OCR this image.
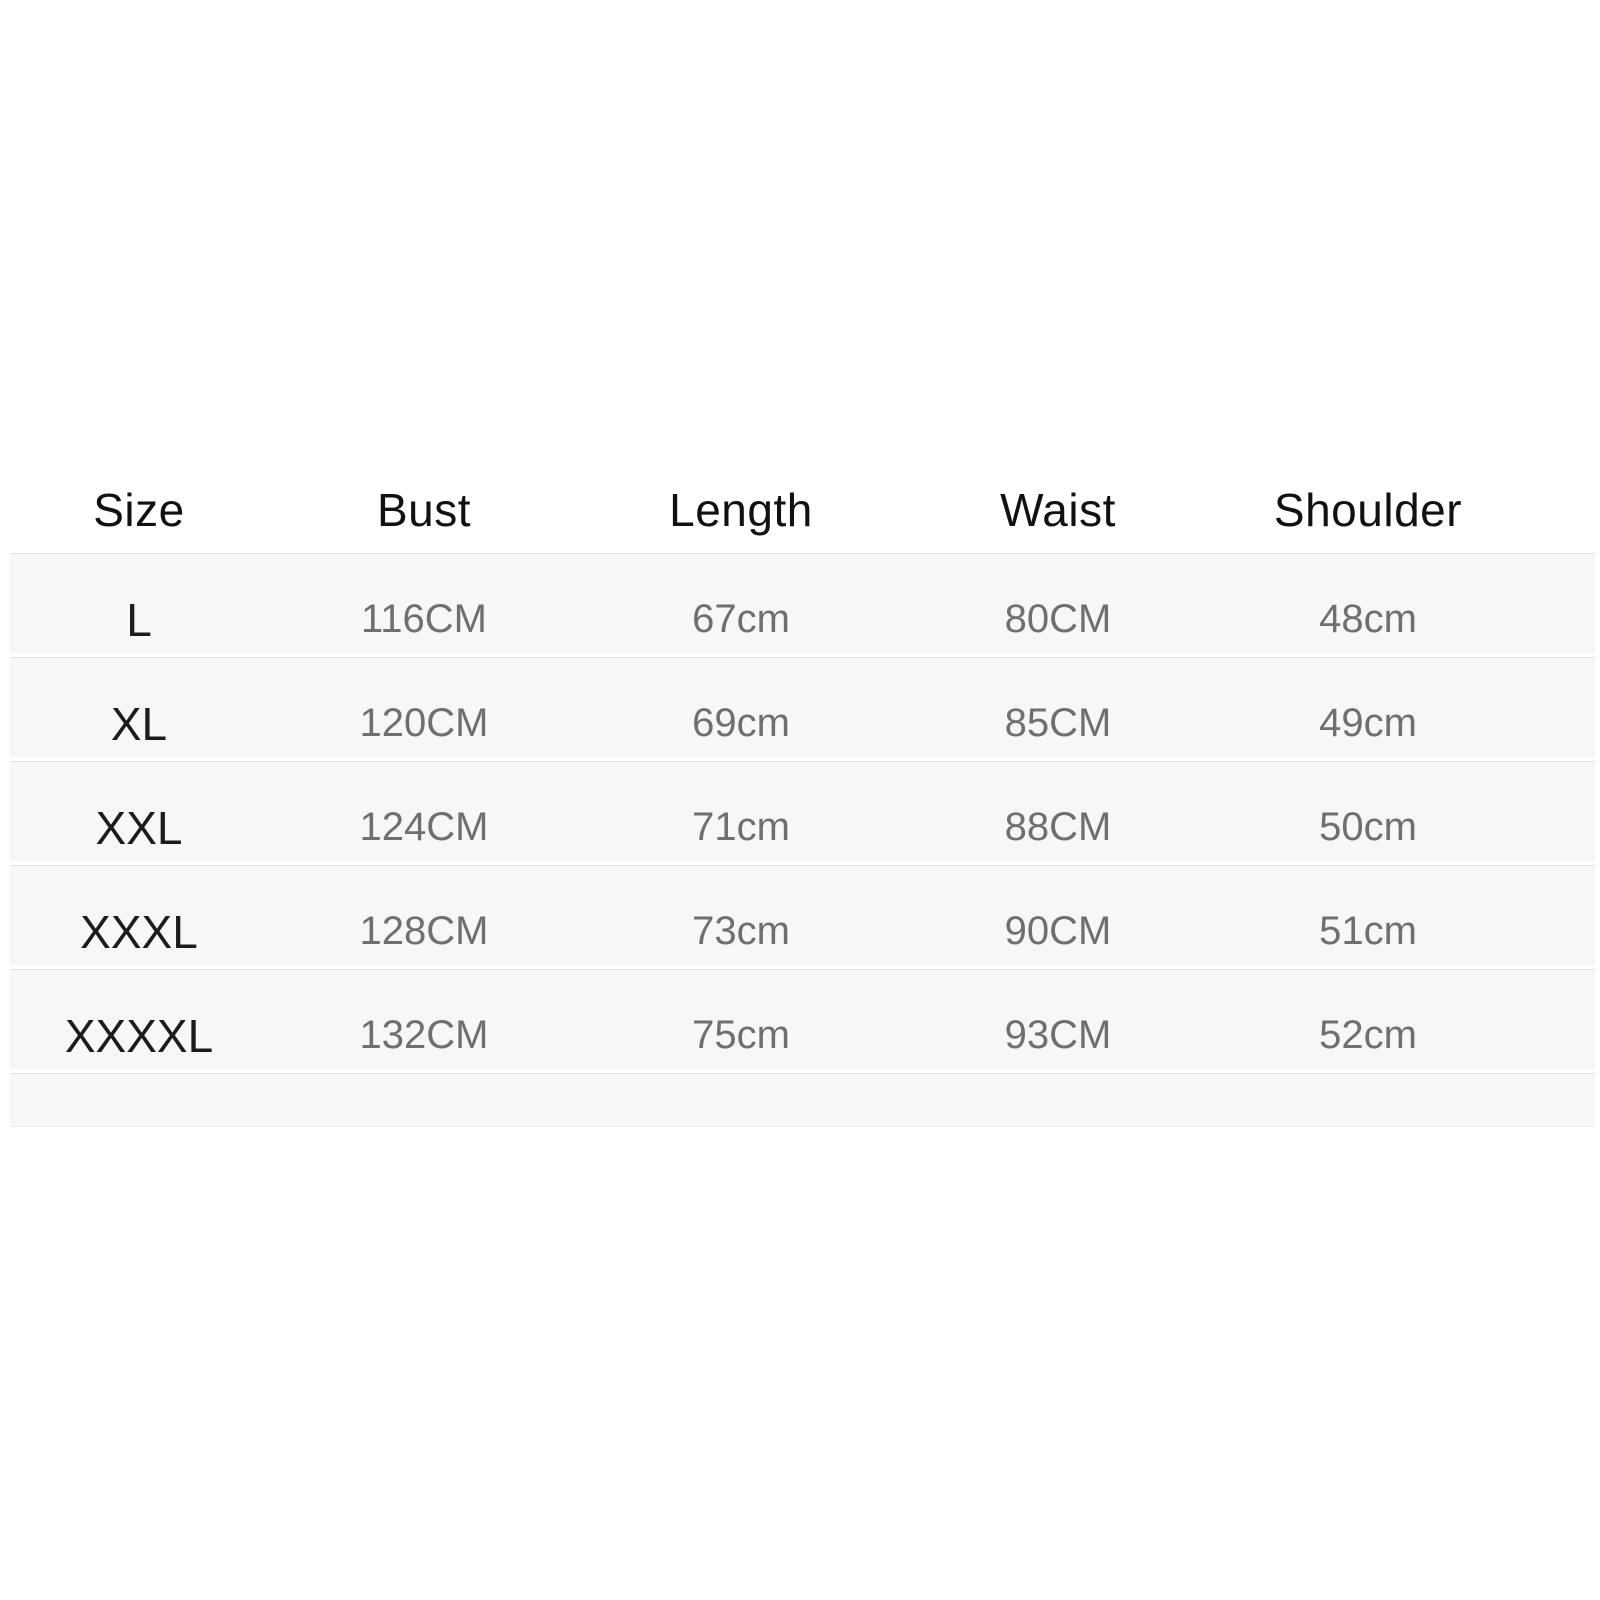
Size	Bust	Length	Waist	Shoulder
L	116CM	67cm	80CM	48cm
XL	120CM	69cm	85CM	49cm
XXL	124CM	71cm	88CM	50cm
XXXL	128CM	73cm	90CM	51cm
XXXXL	132CM	75cm	93CM	52cm
